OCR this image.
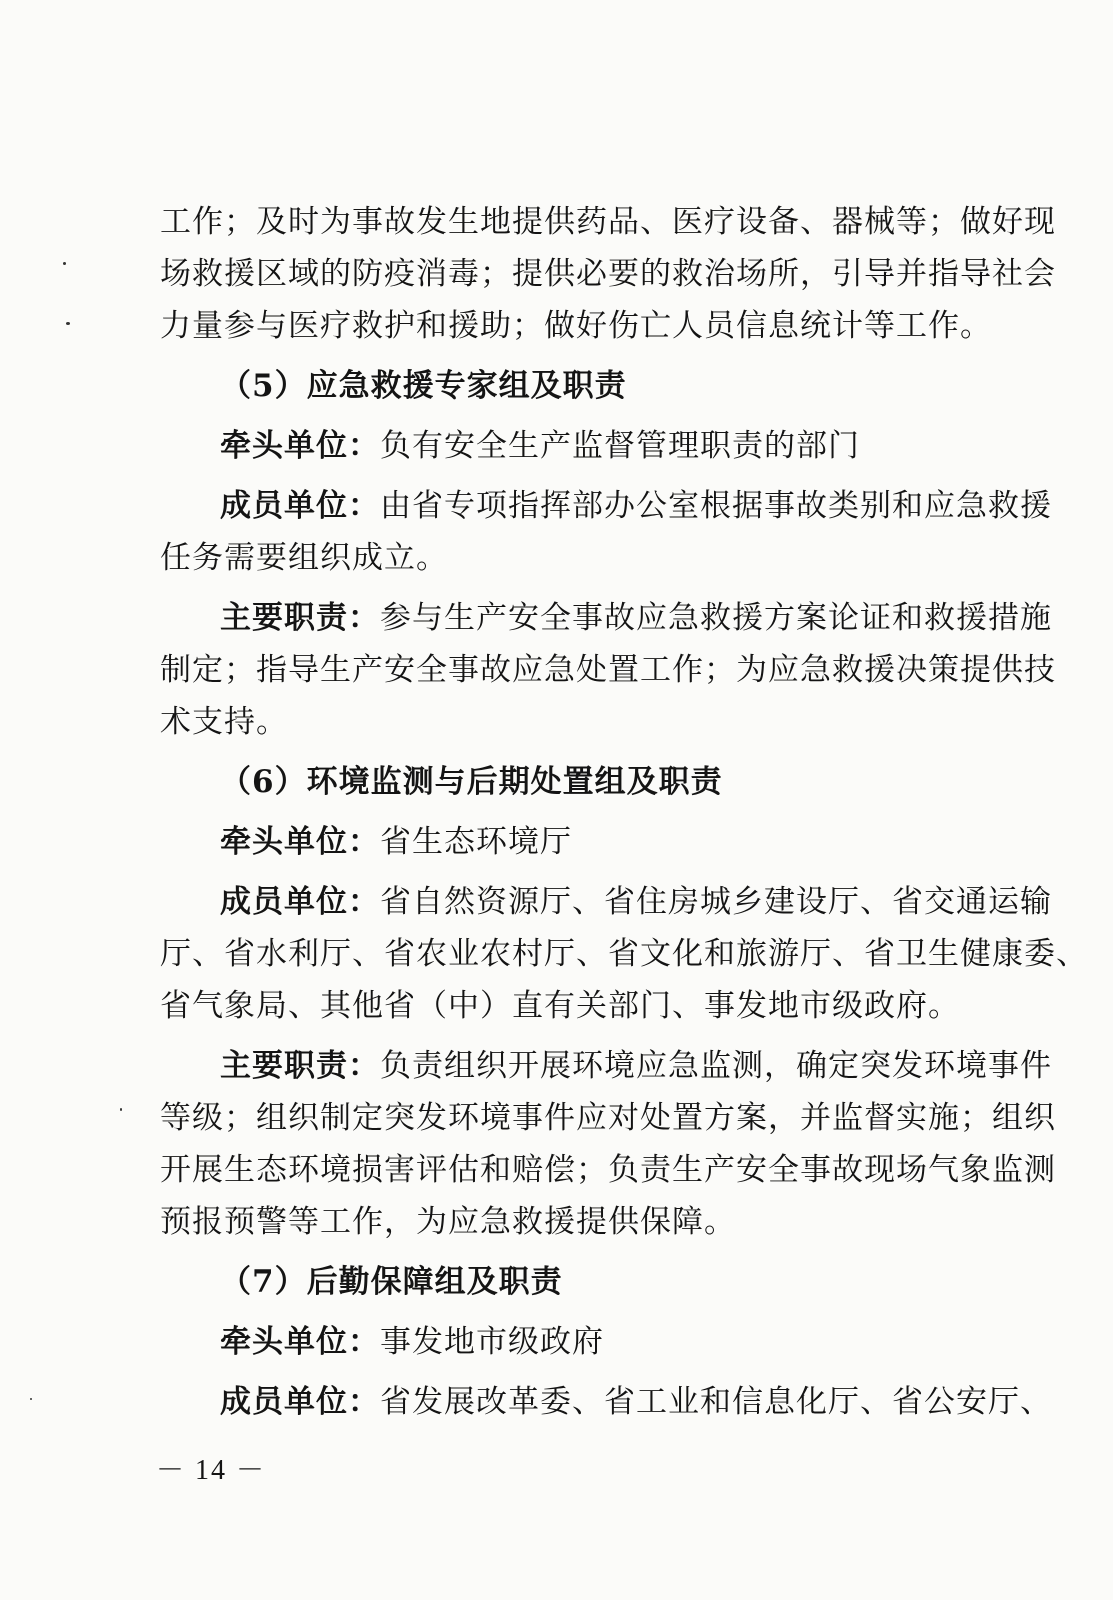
工作；及时为事故发生地提供药品、医疗设备、器械等；做好现
场救援区域的防疫消毒；提供必要的救治场所，引导并指导社会
力量参与医疗救护和援助；做好伤亡人员信息统计等工作。
（5）应急救援专家组及职责
牵头单位：负有安全生产监督管理职责的部门
成员单位：由省专项指挥部办公室根据事故类别和应急救援
任务需要组织成立。
主要职责：参与生产安全事故应急救援方案论证和救援措施
制定；指导生产安全事故应急处置工作；为应急救援决策提供技
术支持。
（6）环境监测与后期处置组及职责
牵头单位：省生态环境厅
成员单位：省自然资源厅、省住房城乡建设厅、省交通运输
厅、省水利厅、省农业农村厅、省文化和旅游厅、省卫生健康委、
省气象局、其他省（中）直有关部门、事发地市级政府。
主要职责：负责组织开展环境应急监测，确定突发环境事件
等级；组织制定突发环境事件应对处置方案，并监督实施；组织
开展生态环境损害评估和赔偿；负责生产安全事故现场气象监测
预报预警等工作，为应急救援提供保障。
（7）后勤保障组及职责
牵头单位：事发地市级政府
成员单位：省发展改革委、省工业和信息化厅、省公安厅、
－ 14 －
